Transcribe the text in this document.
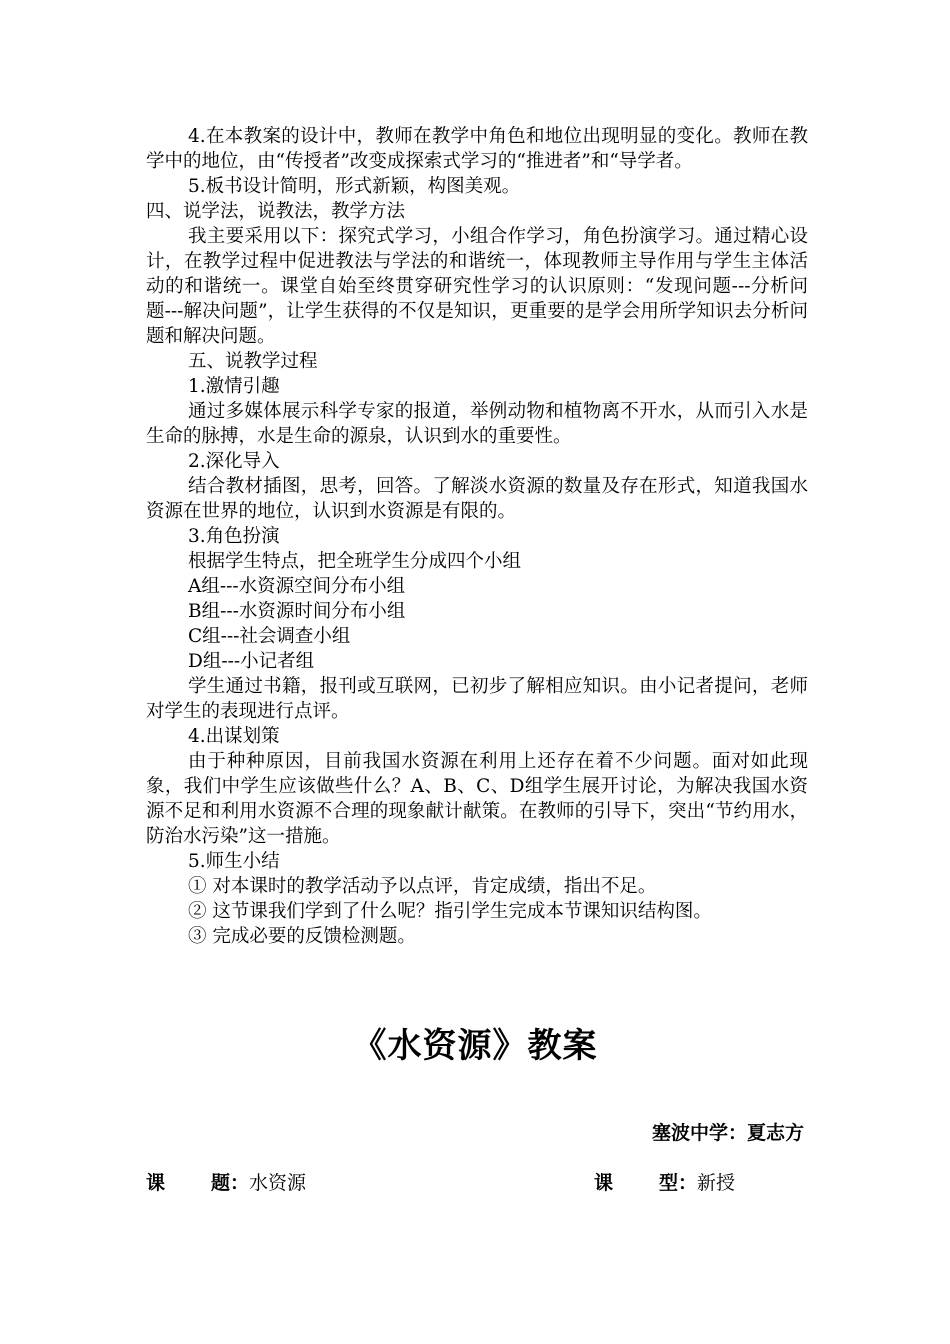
4.在本教案的设计中，教师在教学中角色和地位出现明显的变化。教师在教学中的地位，由“传授者”改变成探索式学习的“推进者”和“导学者。

5.板书设计简明，形式新颖，构图美观。

四、说学法，说教法，教学方法

我主要采用以下：探究式学习，小组合作学习，角色扮演学习。通过精心设计，在教学过程中促进教法与学法的和谐统一，体现教师主导作用与学生主体活动的和谐统一。课堂自始至终贯穿研究性学习的认识原则：“发现问题---分析问题---解决问题”，让学生获得的不仅是知识，更重要的是学会用所学知识去分析问题和解决问题。

五、说教学过程

1.激情引趣

通过多媒体展示科学专家的报道，举例动物和植物离不开水，从而引入水是生命的脉搏，水是生命的源泉，认识到水的重要性。

2.深化导入

结合教材插图，思考，回答。了解淡水资源的数量及存在形式，知道我国水资源在世界的地位，认识到水资源是有限的。

3.角色扮演

根据学生特点，把全班学生分成四个小组

A组---水资源空间分布小组

B组---水资源时间分布小组

C组---社会调查小组

D组---小记者组

学生通过书籍，报刊或互联网，已初步了解相应知识。由小记者提问，老师对学生的表现进行点评。

4.出谋划策

由于种种原因，目前我国水资源在利用上还存在着不少问题。面对如此现象，我们中学生应该做些什么？A、B、C、D组学生展开讨论，为解决我国水资源不足和利用水资源不合理的现象献计献策。在教师的引导下，突出“节约用水，防治水污染”这一措施。

5.师生小结

① 对本课时的教学活动予以点评，肯定成绩，指出不足。

② 这节课我们学到了什么呢？指引学生完成本节课知识结构图。

③ 完成必要的反馈检测题。

《水资源》教案
塞波中学：夏志方
课 题：水资源	课 型：新授
